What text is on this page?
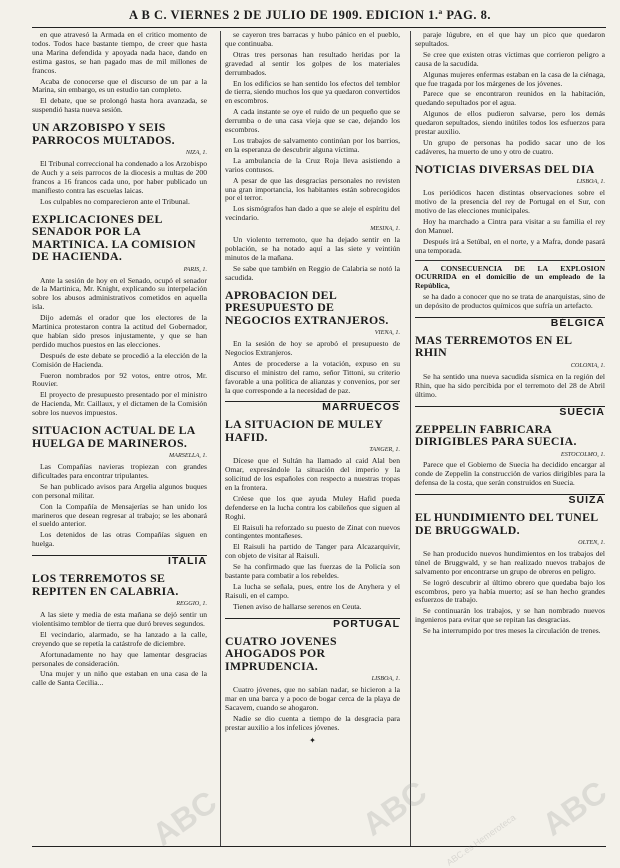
A B C. VIERNES 2 DE JULIO DE 1909. EDICION 1.ª PAG. 8.

en que atravesó la Armada en el critico momento de todos. Todos hace bastante tiempo, de creer que hasta una Marina defendida y apoyada nada hace, dando en estima gastos, se han pagado mas de mil millones de francos.

Acaba de conocerse que el discurso de un par a la Marina, sin embargo, es un estudio tan completo.

El debate, que se prolongó hasta hora avanzada, se suspendió hasta nueva sesión.

UN ARZOBISPO Y SEIS PARROCOS MULTADOS.
NIZA, 1.

El Tribunal correccional ha condenado a los Arzobispo de Auch y a seis parrocos de la diocesis a multas de 200 francos a 16 francos cada uno, por haber publicado un manifiesto contra las escuelas laicas.

Los culpables no comparecieron ante el Tribunal.

EXPLICACIONES DEL SENADOR POR LA MARTINICA. LA COMISION DE HACIENDA.
PARIS, 1.

Ante la sesión de hoy en el Senado, ocupó el senador de la Martinica, Mr. Knight, explicando su interpelación sobre los abusos administrativos cometidos en aquella isla.

Dijo además el orador que los electores de la Martinica protestaron contra la actitud del Gobernador, que habían sido presos injustamente, y que se han perdido muchos puestos en las elecciones.

Después de este debate se procedió a la elección de la Comisión de Hacienda.

Fueron nombrados por 92 votos, entre otros, Mr. Rouvier.

El proyecto de presupuesto presentado por el ministro de Hacienda, Mr. Caillaux, y el dictamen de la Comisión sobre los nuevos impuestos.

SITUACION ACTUAL DE LA HUELGA DE MARINEROS.
MARSELLA, 1.

Las Compañías navieras tropiezan con grandes dificultades para encontrar tripulantes.

Se han publicado avisos para Argelia algunos buques con personal militar.

Con la Compañía de Mensajerías se han unido los marineros que desean regresar al trabajo; se les abonará el sueldo anterior.

Los detenidos de las otras Compañías siguen en huelga.

ITALIA
LOS TERREMOTOS SE REPITEN EN CALABRIA.
REGGIO, 1.

A las siete y media de esta mañana se dejó sentir un violentísimo temblor de tierra que duró breves segundos.

El vecindario, alarmado, se ha lanzado a la calle, creyendo que se repetía la catástrofe de diciembre.

Afortunadamente no hay que lamentar desgracias personales de consideración.

Una mujer y un niño que estaban en una casa de la calle de Santa Cecilia...

se cayeron tres barracas y hubo pánico en el pueblo, que continuaba.

Otras tres personas han resultado heridas por la gravedad al sentir los golpes de los materiales derrumbados.

En los edificios se han sentido los efectos del temblor de tierra, siendo muchos los que ya quedaron convertidos en escombros.

A cada instante se oye el ruido de un pequeño que se derrumba o de una casa vieja que se cae, dejando los escombros.

Los trabajos de salvamento continúan por los barrios, en la esperanza de descubrir alguna víctima.

La ambulancia de la Cruz Roja lleva asistiendo a varios contusos.

A pesar de que las desgracias personales no revisten una gran importancia, los habitantes están sobrecogidos por el terror.

Los sismógrafos han dado a que se aleje el espíritu del vecindario.

MESINA, 1.

Un violento terremoto, que ha dejado sentir en la población, se ha notado aquí a las siete y veintiún minutos de la mañana.

Se sabe que también en Reggio de Calabria se notó la sacudida.

APROBACION DEL PRESUPUESTO DE NEGOCIOS EXTRANJEROS.
VIENA, 1.

En la sesión de hoy se aprobó el presupuesto de Negocios Extranjeros.

Antes de procederse a la votación, expuso en su discurso el ministro del ramo, señor Tittoni, su criterio favorable a una política de alianzas y convenios, por ser la que corresponde a la necesidad de paz.

MARRUECOS
LA SITUACION DE MULEY HAFID.
TANGER, 1.

Dícese que el Sultán ha llamado al caid Alal ben Omar, expresándole la situación del imperio y la solicitud de los españoles con respecto a nuestras tropas en la frontera.

Créese que los que ayuda Muley Hafid pueda defenderse en la lucha contra los cabileños que siguen al Roghi.

El Raisuli ha reforzado su puesto de Zinat con nuevos contingentes montañeses.

El Raisuli ha partido de Tanger para Alcazarquivir, con objeto de visitar al Raisuli.

Se ha confirmado que las fuerzas de la Policía son bastante para combatir a los rebeldes.

La lucha se señala, pues, entre los de Anyhera y el Raisuli, en el campo.

Tienen aviso de hallarse serenos en Ceuta.

PORTUGAL
CUATRO JOVENES AHOGADOS POR IMPRUDENCIA.
LISBOA, 1.

Cuatro jóvenes, que no sabían nadar, se hicieron a la mar en una barca y a poco de bogar cerca de la playa de Sacavem, cuando se ahogaron.

Nadie se dio cuenta a tiempo de la desgracia para prestar auxilio a los infelices jóvenes.

✦

paraje lúgubre, en el que hay un pico que quedaron sepultados.

Se cree que existen otras víctimas que corrieron peligro a causa de la sacudida.

Algunas mujeres enfermas estaban en la casa de la ciénaga, que fue tragada por los márgenes de los jóvenes.

Parece que se encontraron reunidos en la habitación, quedando sepultados por el agua.

Algunos de ellos pudieron salvarse, pero los demás quedaron sepultados, siendo inútiles todos los esfuerzos para prestar auxilio.

Un grupo de personas ha podido sacar uno de los cadáveres, ha muerto de uno y otro de cuatro.

NOTICIAS DIVERSAS DEL DIA
LISBOA, 1.

Los periódicos hacen distintas observaciones sobre el motivo de la presencia del rey de Portugal en el Sur, con motivo de las elecciones municipales.

Hoy ha marchado a Cintra para visitar a su familia el rey don Manuel.

Después irá a Setúbal, en el norte, y a Mafra, donde pasará una temporada.

A CONSECUENCIA DE LA EXPLOSION OCURRIDA en el domicilio de un empleado de la República,

se ha dado a conocer que no se trata de anarquistas, sino de un depósito de productos químicos que sufría un artefacto.

BÉLGICA
MAS TERREMOTOS EN EL RHIN
COLONIA, 1.

Se ha sentido una nueva sacudida sísmica en la región del Rhin, que ha sido percibida por el terremoto del 28 de Abril último.

SUECIA
ZEPPELIN FABRICARA DIRIGIBLES PARA SUECIA.
ESTOCOLMO, 1.

Parece que el Gobierno de Suecia ha decidido encargar al conde de Zeppelin la construcción de varios dirigibles para la defensa de la costa, que serán construidos en Suecia.

SUIZA
EL HUNDIMIENTO DEL TUNEL DE BRUGGWALD.
OLTEN, 1.

Se han producido nuevos hundimientos en los trabajos del túnel de Bruggwald, y se han realizado nuevos trabajos de salvamento por encontrarse un grupo de obreros en peligro.

Se logró descubrir al último obrero que quedaba bajo los escombros, pero ya había muerto; así se han hecho grandes esfuerzos de trabajo.

Se continuarán los trabajos, y se han nombrado nuevos ingenieros para evitar que se repitan las desgracias.

Se ha interrumpido por tres meses la circulación de trenes.

ABC	ABC	ABC
ABC.es Hemeroteca
